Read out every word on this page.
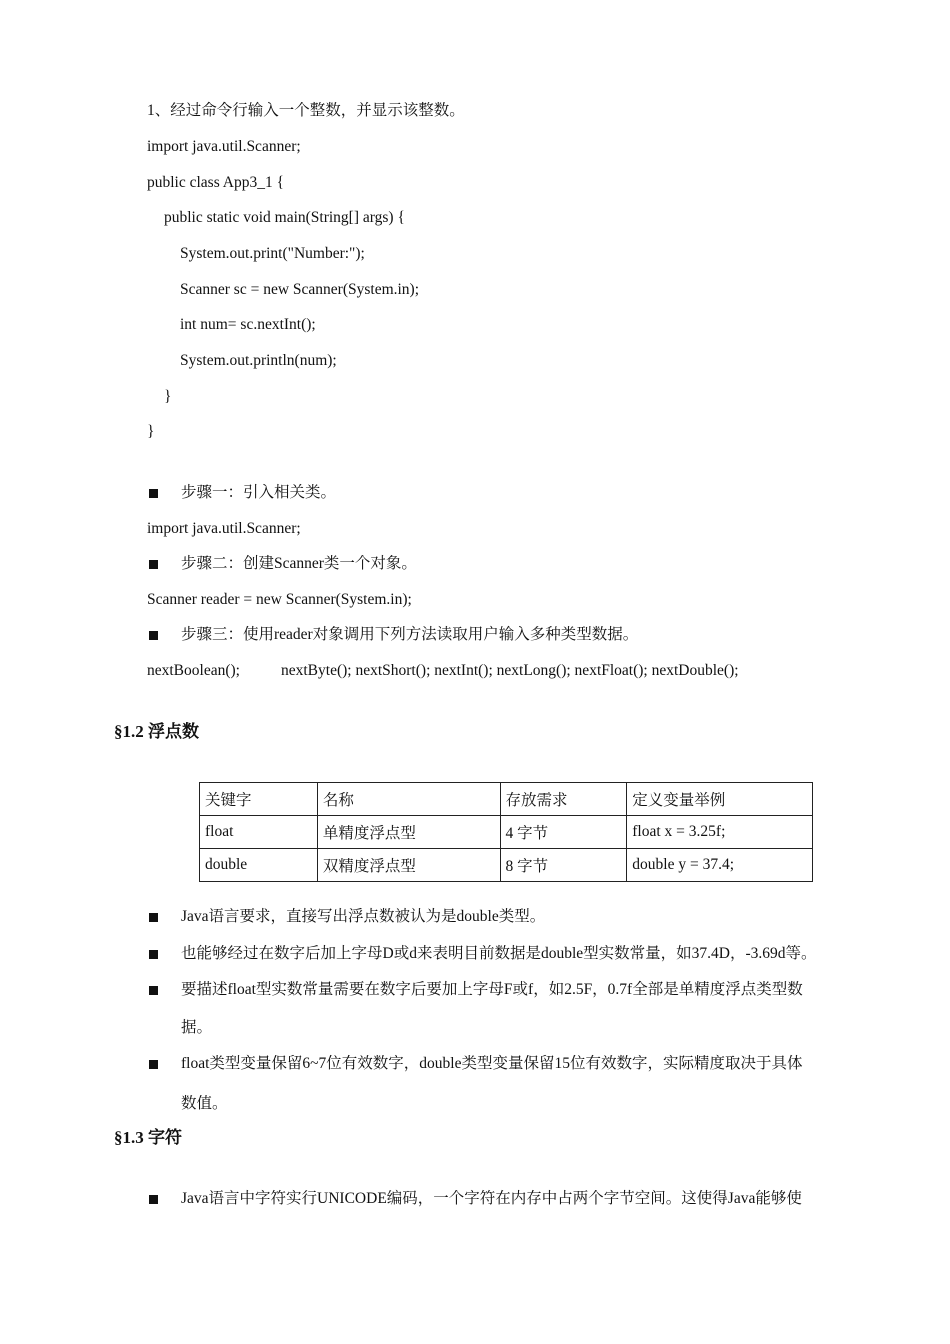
1、经过命令行输入一个整数，并显示该整数。
import java.util.Scanner;
public class App3_1 {
public static void main(String[] args) {
System.out.print("Number:");
Scanner sc = new Scanner(System.in);
int num= sc.nextInt();
System.out.println(num);
}
}
步骤一：引入相关类。
import java.util.Scanner;
步骤二：创建Scanner类一个对象。
Scanner reader = new Scanner(System.in);
步骤三：使用reader对象调用下列方法读取用户输入多种类型数据。
nextBoolean();	nextByte(); nextShort(); nextInt(); nextLong(); nextFloat(); nextDouble();
§1.2 浮点数
关键字	名称	存放需求	定义变量举例
float	单精度浮点型	4 字节	float x = 3.25f;
double	双精度浮点型	8 字节	double y = 37.4;
Java语言要求，直接写出浮点数被认为是double类型。
也能够经过在数字后加上字母D或d来表明目前数据是double型实数常量，如37.4D，-3.69d等。
要描述float型实数常量需要在数字后要加上字母F或f，如2.5F，0.7f全部是单精度浮点类型数
据。
float类型变量保留6~7位有效数字，double类型变量保留15位有效数字，实际精度取决于具体
数值。
§1.3 字符
Java语言中字符实行UNICODE编码，一个字符在内存中占两个字节空间。这使得Java能够使
